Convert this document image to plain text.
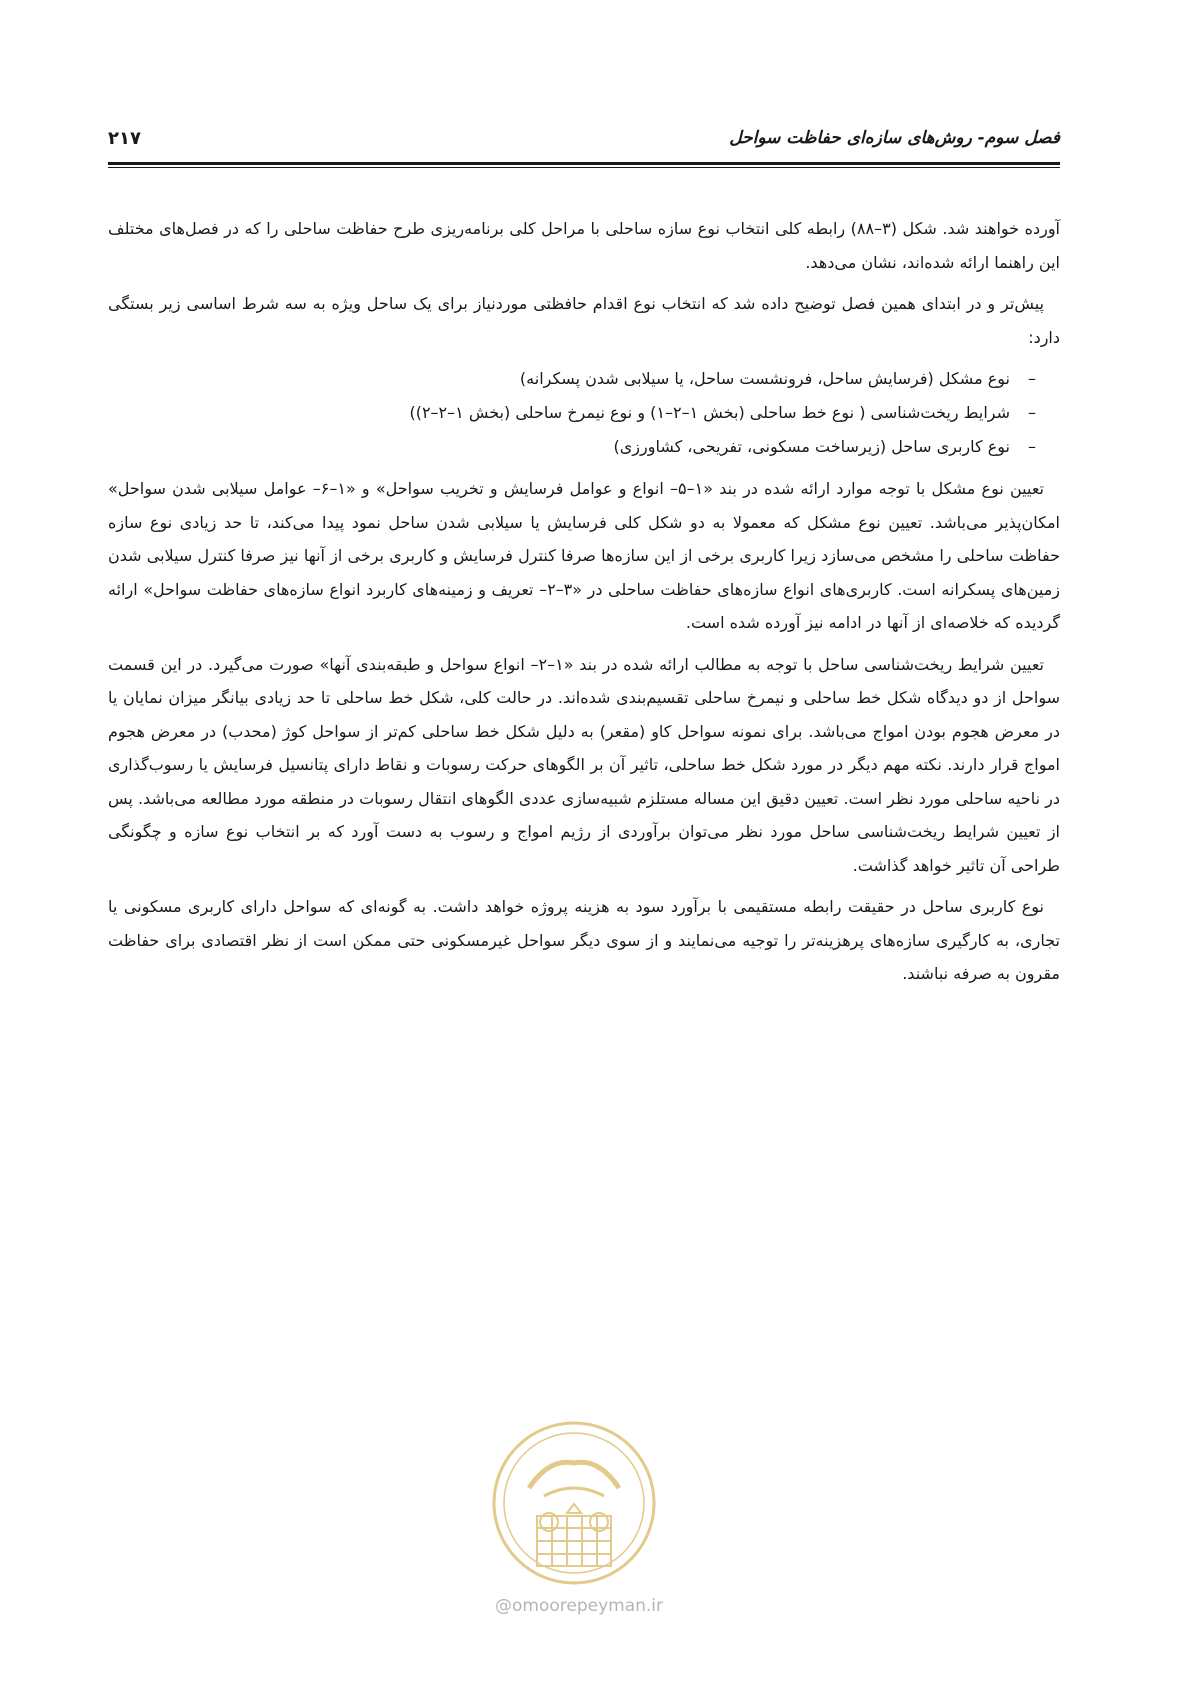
فصل سوم- روش‌های سازه‌ای حفاظت سواحل
۲۱۷

آورده خواهند شد. شکل (۳–۸۸) رابطه کلی انتخاب نوع سازه ساحلی با مراحل کلی برنامه‌ریزی طرح حفاظت ساحلی را که در فصل‌های مختلف این راهنما ارائه شده‌اند، نشان می‌دهد.

پیش‌تر و در ابتدای همین فصل توضیح داده شد که انتخاب نوع اقدام حافظتی موردنیاز برای یک ساحل ویژه به سه شرط اساسی زیر بستگی دارد:

–نوع مشکل (فرسایش ساحل، فرونشست ساحل، یا سیلابی شدن پسکرانه)
–شرایط ریخت‌شناسی ( نوع خط ساحلی (بخش ۱–۲–۱) و نوع نیمرخ ساحلی (بخش ۱–۲–۲))
–نوع کاربری ساحل (زیرساخت مسکونی، تفریحی، کشاورزی)

تعیین نوع مشکل با توجه موارد ارائه شده در بند «۱–۵– انواع و عوامل فرسایش و تخریب سواحل» و «۱–۶– عوامل سیلابی شدن سواحل» امکان‌پذیر می‌باشد. تعیین نوع مشکل که معمولا به دو شکل کلی فرسایش یا سیلابی شدن ساحل نمود پیدا می‌کند، تا حد زیادی نوع سازه حفاظت ساحلی را مشخص می‌سازد زیرا کاربری برخی از این سازه‌ها صرفا کنترل فرسایش و کاربری برخی از آنها نیز صرفا کنترل سیلابی شدن زمین‌های پسکرانه است. کاربری‌های انواع سازه‌های حفاظت ساحلی در «۳–۲– تعریف و زمینه‌های کاربرد انواع سازه‌های حفاظت سواحل» ارائه گردیده که خلاصه‌ای از آنها در ادامه نیز آورده شده است.

تعیین شرایط ریخت‌شناسی ساحل با توجه به مطالب ارائه شده در بند «۱–۲– انواع سواحل و طبقه‌بندی آنها» صورت می‌گیرد. در این قسمت سواحل از دو دیدگاه شکل خط ساحلی و نیمرخ ساحلی تقسیم‌بندی شده‌اند. در حالت کلی، شکل خط ساحلی تا حد زیادی بیانگر میزان نمایان یا در معرض هجوم بودن امواج می‌باشد. برای نمونه سواحل کاو (مقعر) به دلیل شکل خط ساحلی کم‌تر از سواحل کوژ (محدب) در معرض هجوم امواج قرار دارند. نکته مهم دیگر در مورد شکل خط ساحلی، تاثیر آن بر الگوهای حرکت رسوبات و نقاط دارای پتانسیل فرسایش یا رسوب‌گذاری در ناحیه ساحلی مورد نظر است. تعیین دقیق این مساله مستلزم شبیه‌سازی عددی الگوهای انتقال رسوبات در منطقه مورد مطالعه می‌باشد. پس از تعیین شرایط ریخت‌شناسی ساحل مورد نظر می‌توان برآوردی از رژیم امواج و رسوب به دست آورد که بر انتخاب نوع سازه و چگونگی طراحی آن تاثیر خواهد گذاشت.

نوع کاربری ساحل در حقیقت رابطه مستقیمی با برآورد سود به هزینه پروژه خواهد داشت. به گونه‌ای که سواحل دارای کاربری مسکونی یا تجاری، به کارگیری سازه‌های پرهزینه‌تر را توجیه می‌نمایند و از سوی دیگر سواحل غیرمسکونی حتی ممکن است از نظر اقتصادی برای حفاظت مقرون به صرفه نباشند.

@omoorepeyman.ir
